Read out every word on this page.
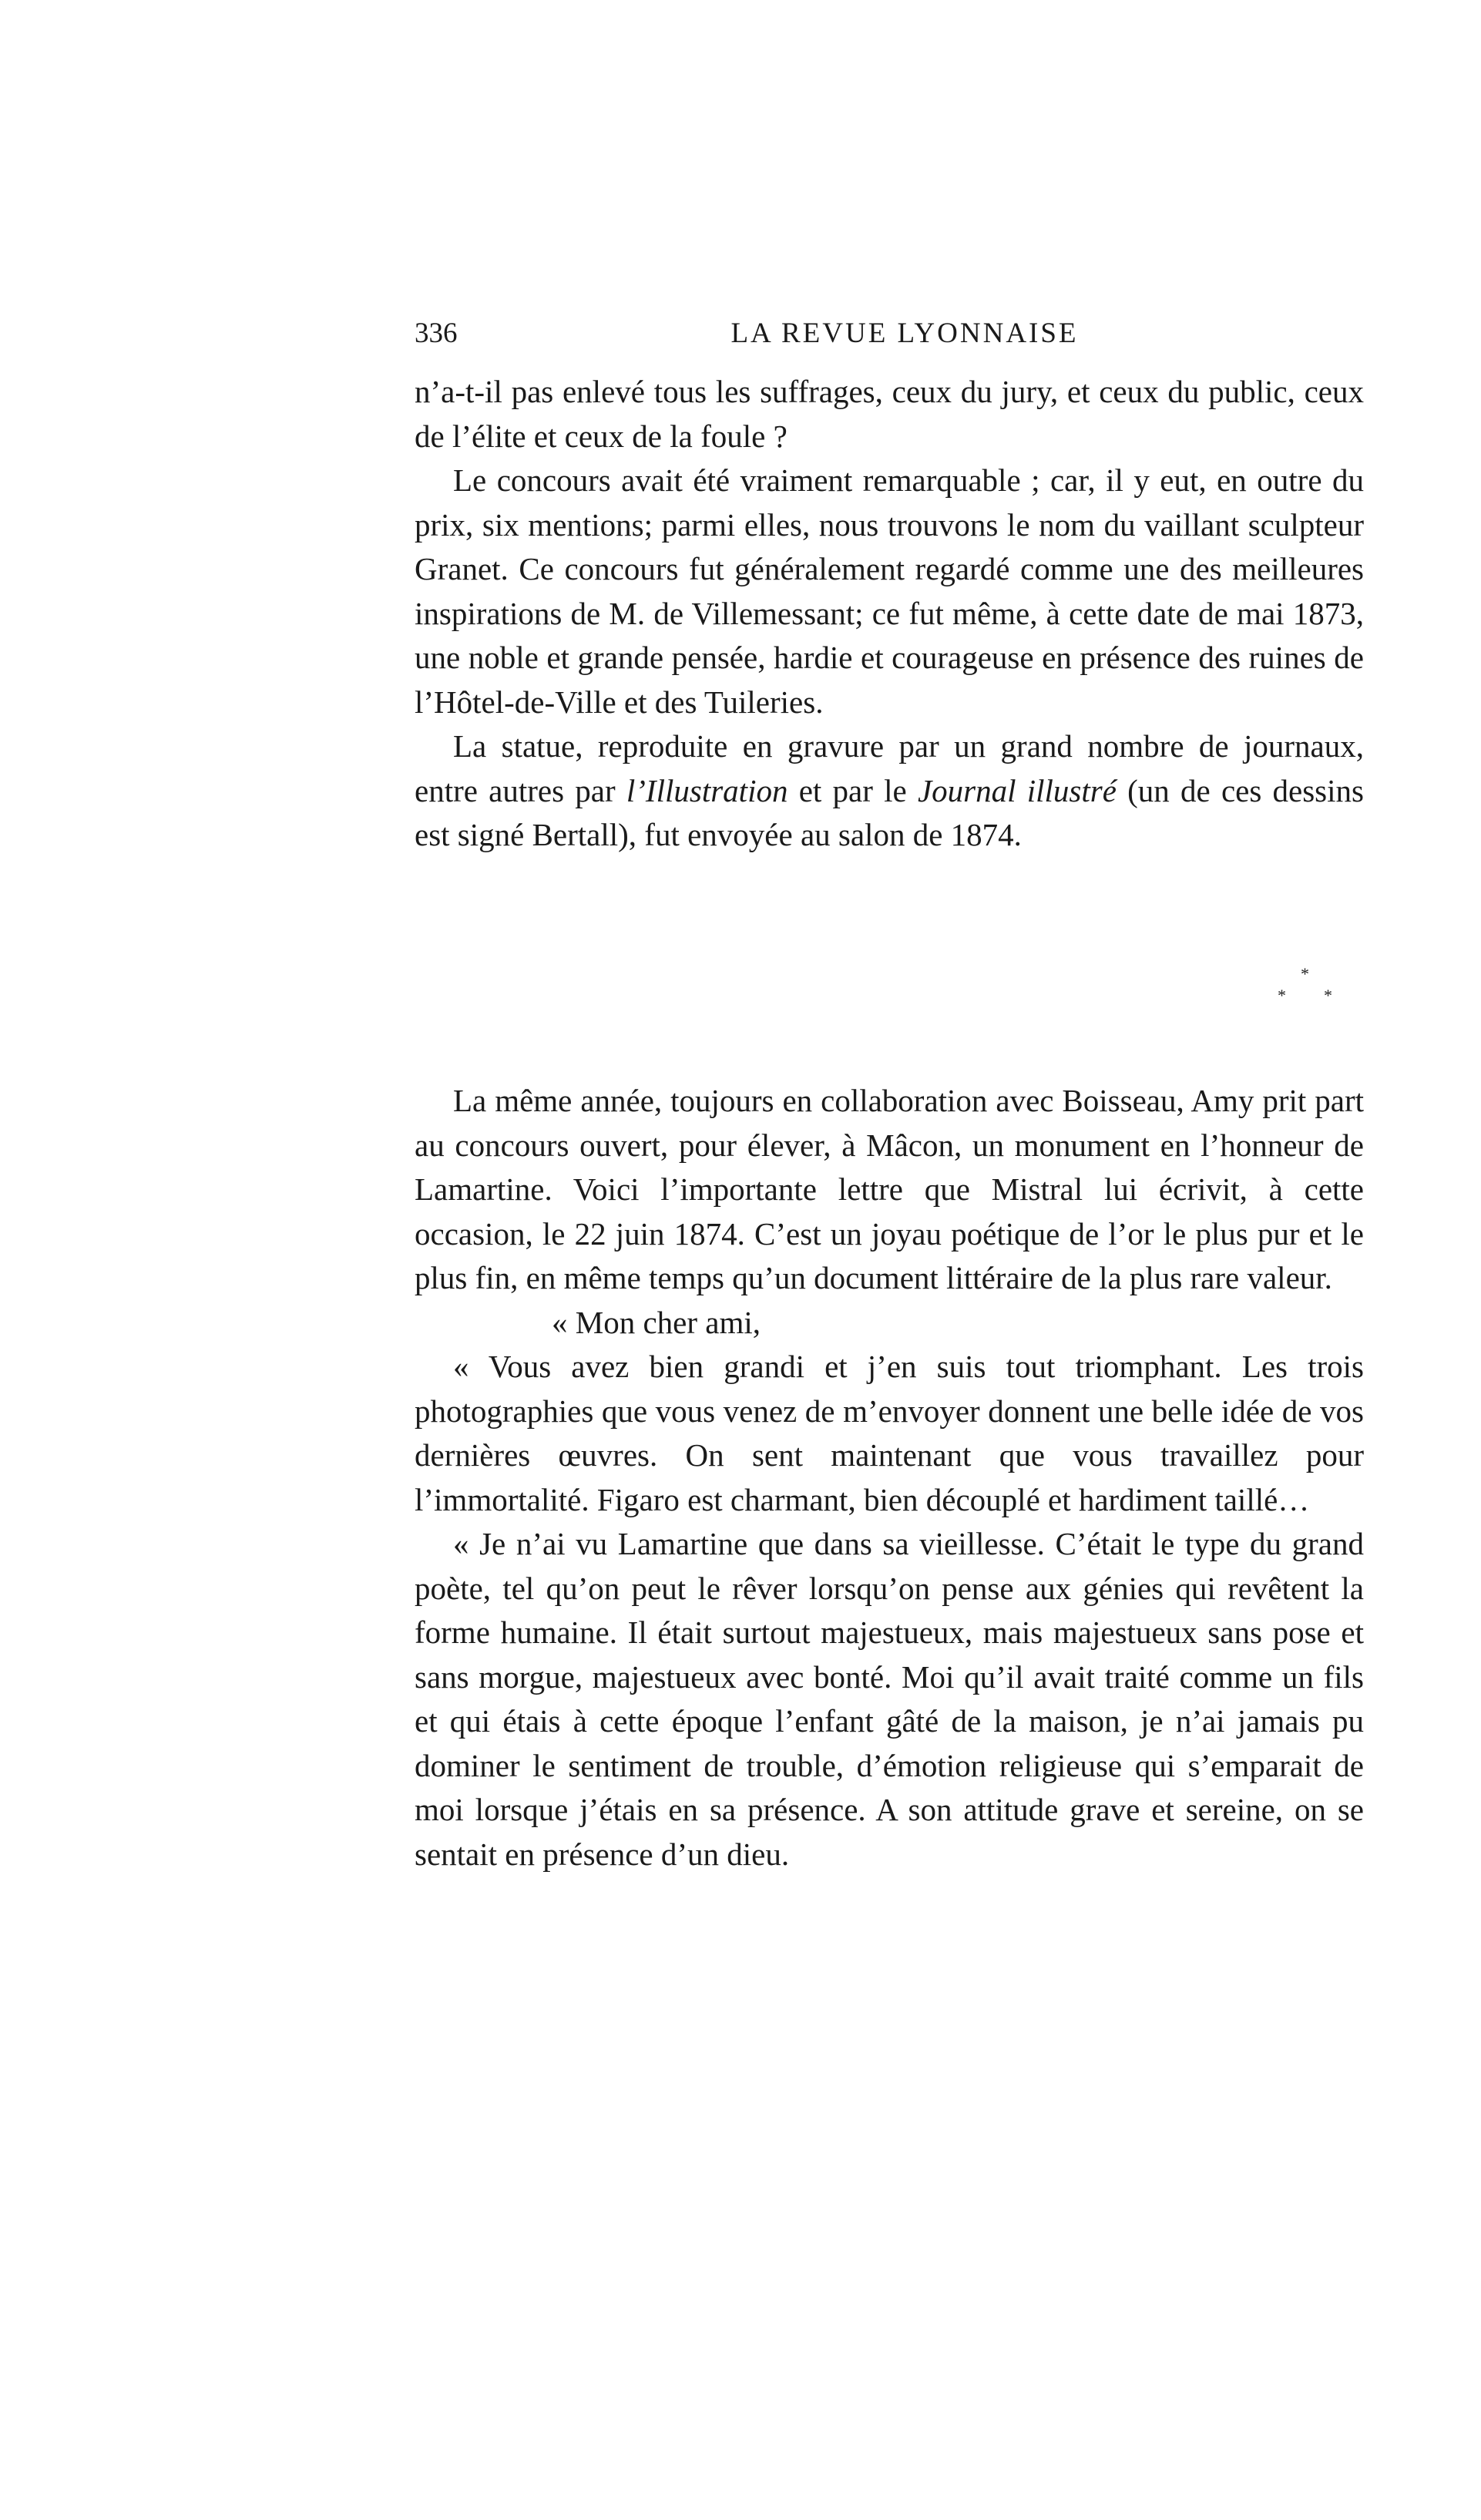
336	LA REVUE LYONNAISE

n’a-t-il pas enlevé tous les suffrages, ceux du jury, et ceux du public, ceux de l’élite et ceux de la foule ?

Le concours avait été vraiment remarquable ; car, il y eut, en outre du prix, six mentions; parmi elles, nous trouvons le nom du vaillant sculpteur Granet. Ce concours fut généralement regardé comme une des meilleures inspirations de M. de Villemessant; ce fut même, à cette date de mai 1873, une noble et grande pensée, hardie et courageuse en présence des ruines de l’Hôtel-de-Ville et des Tuileries.

La statue, reproduite en gravure par un grand nombre de journaux, entre autres par l’Illustration et par le Journal illustré (un de ces dessins est signé Bertall), fut envoyée au salon de 1874.

*
* *

La même année, toujours en collaboration avec Boisseau, Amy prit part au concours ouvert, pour élever, à Mâcon, un monument en l’honneur de Lamartine. Voici l’importante lettre que Mistral lui écrivit, à cette occasion, le 22 juin 1874. C’est un joyau poétique de l’or le plus pur et le plus fin, en même temps qu’un document littéraire de la plus rare valeur.

« Mon cher ami,

« Vous avez bien grandi et j’en suis tout triomphant. Les trois photographies que vous venez de m’envoyer donnent une belle idée de vos dernières œuvres. On sent maintenant que vous travaillez pour l’immortalité. Figaro est charmant, bien découplé et hardiment taillé…

« Je n’ai vu Lamartine que dans sa vieillesse. C’était le type du grand poète, tel qu’on peut le rêver lorsqu’on pense aux génies qui revêtent la forme humaine. Il était surtout majestueux, mais majestueux sans pose et sans morgue, majestueux avec bonté. Moi qu’il avait traité comme un fils et qui étais à cette époque l’enfant gâté de la maison, je n’ai jamais pu dominer le sentiment de trouble, d’émotion religieuse qui s’emparait de moi lorsque j’étais en sa présence. A son attitude grave et sereine, on se sentait en présence d’un dieu.
